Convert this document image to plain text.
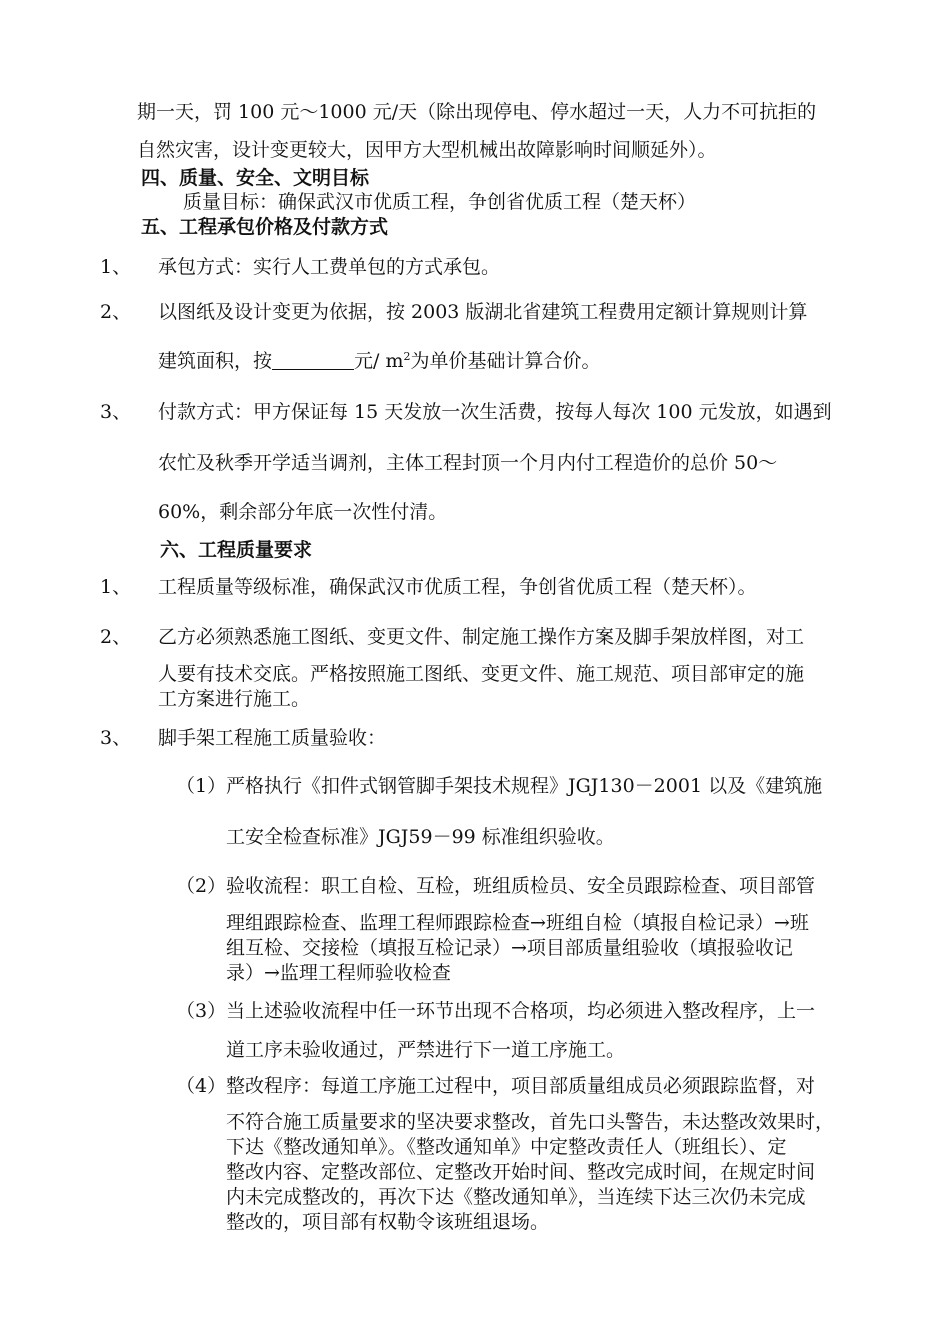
期一天，罚 100 元～1000 元/天（除出现停电、停水超过一天，人力不可抗拒的
自然灾害，设计变更较大，因甲方大型机械出故障影响时间顺延外）。
四、质量、安全、文明目标
质量目标：确保武汉市优质工程，争创省优质工程（楚天杯）
五、工程承包价格及付款方式
1、 承包方式：实行人工费单包的方式承包。
2、 以图纸及设计变更为依据，按 2003 版湖北省建筑工程费用定额计算规则计算
建筑面积，按	元/ $m^2$为单价基础计算合价。
3、 付款方式：甲方保证每 15 天发放一次生活费，按每人每次 100 元发放，如遇到
农忙及秋季开学适当调剂，主体工程封顶一个月内付工程造价的总价 50～
60%，剩余部分年底一次性付清。
六、工程质量要求
1、 工程质量等级标准，确保武汉市优质工程，争创省优质工程（楚天杯）。
2、 乙方必须熟悉施工图纸、变更文件、制定施工操作方案及脚手架放样图，对工
人要有技术交底。严格按照施工图纸、变更文件、施工规范、项目部审定的施
工方案进行施工。
3、 脚手架工程施工质量验收：
（1） 严格执行《扣件式钢管脚手架技术规程》JGJ130－2001 以及《建筑施
工安全检查标准》JGJ59－99 标准组织验收。
（2） 验收流程：职工自检、互检，班组质检员、安全员跟踪检查、项目部管
理组跟踪检查、监理工程师跟踪检查→班组自检（填报自检记录）→班
组互检、交接检（填报互检记录）→项目部质量组验收（填报验收记
录）→监理工程师验收检查
（3） 当上述验收流程中任一环节出现不合格项，均必须进入整改程序，上一
道工序未验收通过，严禁进行下一道工序施工。
（4） 整改程序：每道工序施工过程中，项目部质量组成员必须跟踪监督，对
不符合施工质量要求的坚决要求整改，首先口头警告，未达整改效果时，
下达《整改通知单》。《整改通知单》中定整改责任人（班组长）、定
整改内容、定整改部位、定整改开始时间、整改完成时间，在规定时间
内未完成整改的，再次下达《整改通知单》，当连续下达三次仍未完成
整改的，项目部有权勒令该班组退场。
